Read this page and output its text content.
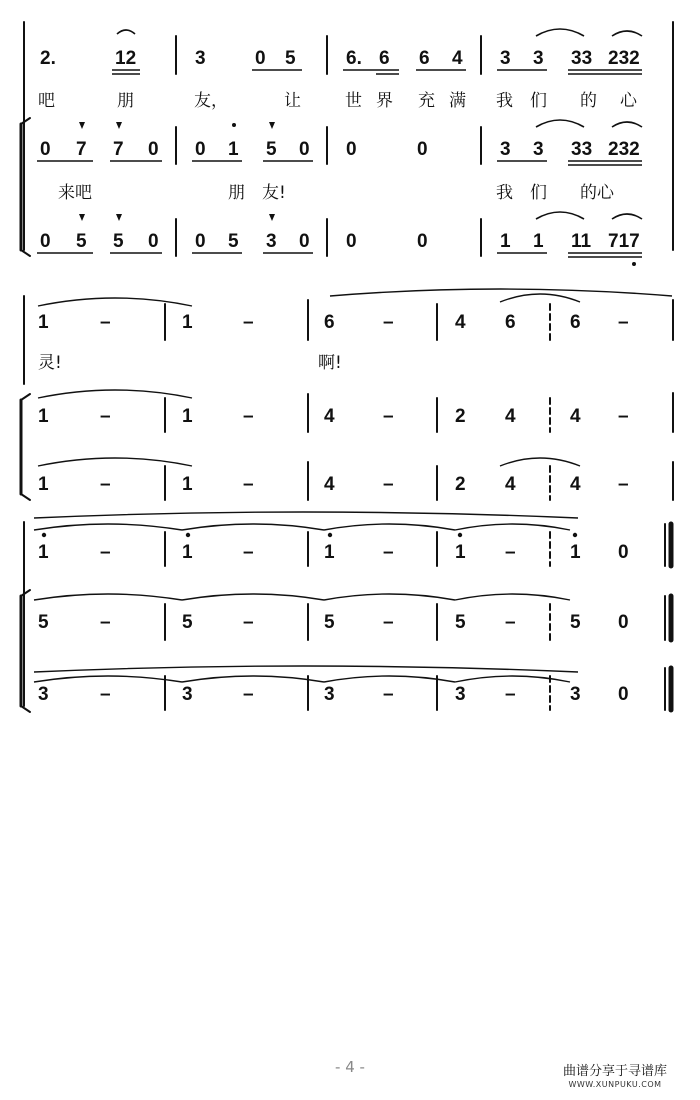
2.	12	3	0 5	6. 6 6 4 3 3 33 232
吧	朋	友，	让	世 界 充 满 我 们 的 心
0 7 7 0 0 1 5 0 0	0	3 3 33 232
来吧	朋 友!	我 们 的心
0 5 5 0 0 5 3 0 0	0	1 1 11 717
1	–	1	–	6	–	4 6	6 –
灵!	啊!
1	–	1	–	4	–	2 4	4 –
1	–	1	–	4	–	2 4	4 –
1	–	1	–	1	–	1 –	1 0
5	–	5	–	5	–	5 –	5 0
3	–	3	–	3	–	3 –	3 0
- 4 -	曲谱分享于寻谱库
WWW.XUNPUKU.COM
